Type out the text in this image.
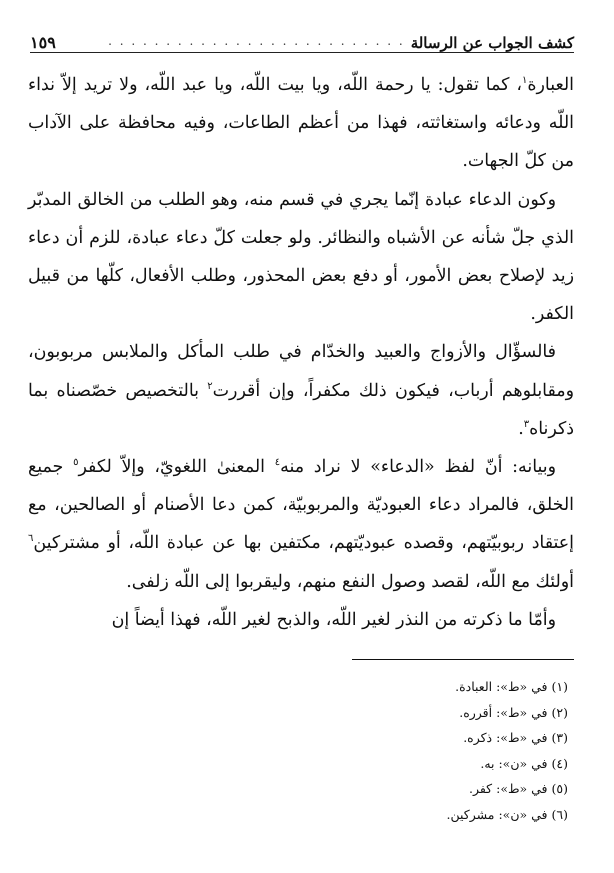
كشف الجواب عن الرسالة
. . . . . . . . . . . . . . . . . . . . . . . . . .
١٥٩

العبارة$^١$، كما تقول: يا رحمة اللّه، ويا بيت اللّه، ويا عبد اللّه، ولا تريد إلاّ نداء اللّه ودعائه واستغاثته، فهذا من أعظم الطاعات، وفيه محافظة على الآداب من كلّ الجهات.

وكون الدعاء عبادة إنّما يجري في قسم منه، وهو الطلب من الخالق المدبّر الذي جلّ شأنه عن الأشباه والنظائر. ولو جعلت كلّ دعاء عبادة، للزم أن دعاء زيد لإصلاح بعض الأمور، أو دفع بعض المحذور، وطلب الأفعال، كلّها من قبيل الكفر.

فالسؤّال والأزواج والعبيد والخدّام في طلب المأكل والملابس مربوبون، ومقابلوهم أرباب، فيكون ذلك مكفراً، وإن أقررت$^٢$ بالتخصيص خصّصناه بما ذكرناه$^٣$.

وبيانه: أنّ لفظ «الدعاء» لا نراد منه$^٤$ المعنىٰ اللغويّ، وإلاّ لكفر$^٥$ جميع الخلق، فالمراد دعاء العبوديّة والمربوبيّة، كمن دعا الأصنام أو الصالحين، مع إعتقاد ربوبيّتهم، وقصده عبوديّتهم، مكتفين بها عن عبادة اللّه، أو مشتركين$^٦$ أولئك مع اللّه، لقصد وصول النفع منهم، وليقربوا إلى اللّه زلفى.

وأمّا ما ذكرته من النذر لغير اللّه، والذبح لغير اللّه، فهذا أيضاً إن

(١) في «ط»: العبادة.
(٢) في «ط»: أقرره.
(٣) في «ط»: ذكره.
(٤) في «ن»: به.
(٥) في «ط»: كفر.
(٦) في «ن»: مشركين.
